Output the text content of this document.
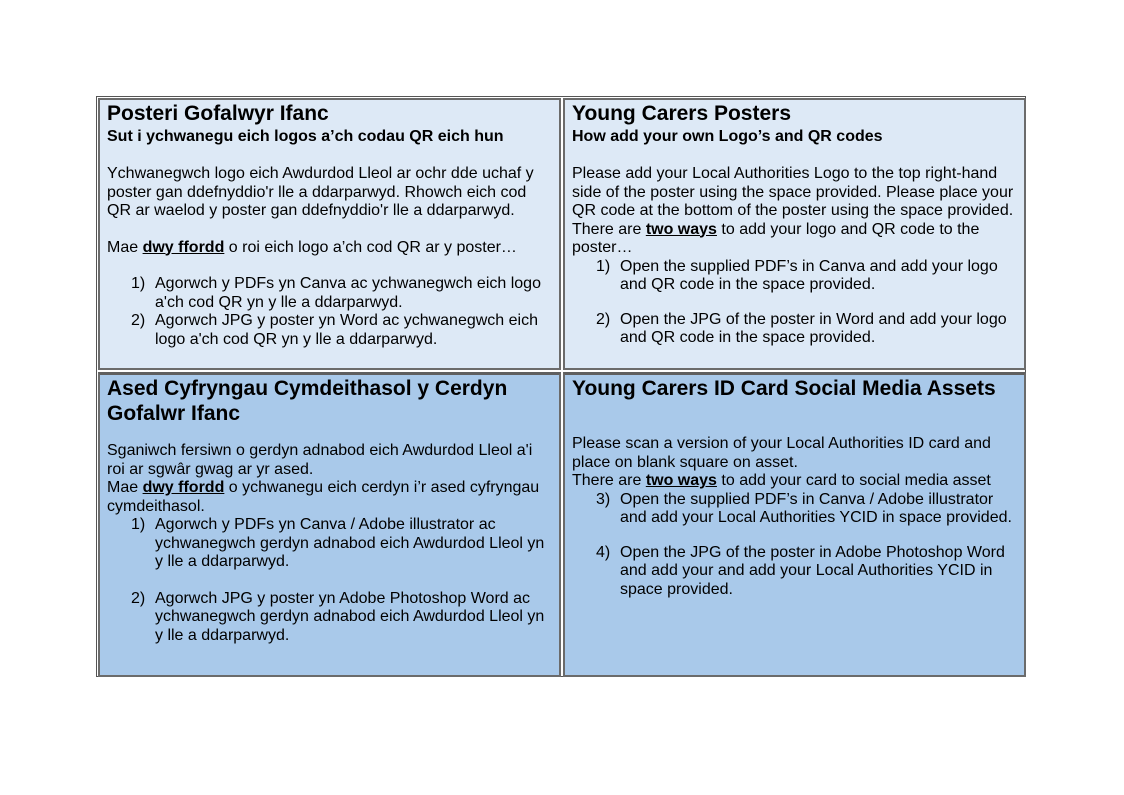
Posteri Gofalwyr Ifanc
Sut i ychwanegu eich logos a’ch codau QR eich hun

Ychwanegwch logo eich Awdurdod Lleol ar ochr dde uchaf y poster gan ddefnyddio'r lle a ddarparwyd. Rhowch eich cod QR ar waelod y poster gan ddefnyddio'r lle a ddarparwyd.

Mae dwy ffordd o roi eich logo a’ch cod QR ar y poster…

1) Agorwch y PDFs yn Canva ac ychwanegwch eich logo a'ch cod QR yn y lle a ddarparwyd.
2) Agorwch JPG y poster yn Word ac ychwanegwch eich logo a'ch cod QR yn y lle a ddarparwyd.
Young Carers Posters
How add your own Logo’s and QR codes

Please add your Local Authorities Logo to the top right-hand side of the poster using the space provided. Please place your QR code at the bottom of the poster using the space provided.

There are two ways to add your logo and QR code to the poster…

1) Open the supplied PDF’s in Canva and add your logo and QR code in the space provided.
2) Open the JPG of the poster in Word and add your logo and QR code in the space provided.
Ased Cyfryngau Cymdeithasol y Cerdyn Gofalwr Ifanc

Sganiwch fersiwn o gerdyn adnabod eich Awdurdod Lleol a'i roi ar sgwâr gwag ar yr ased.

Mae dwy ffordd o ychwanegu eich cerdyn i’r ased cyfryngau cymdeithasol.

1) Agorwch y PDFs yn Canva / Adobe illustrator ac ychwanegwch gerdyn adnabod eich Awdurdod Lleol yn y lle a ddarparwyd.
2) Agorwch JPG y poster yn Adobe Photoshop Word ac ychwanegwch gerdyn adnabod eich Awdurdod Lleol yn y lle a ddarparwyd.
Young Carers ID Card Social Media Assets

Please scan a version of your Local Authorities ID card and place on blank square on asset.

There are two ways to add your card to social media asset

3) Open the supplied PDF’s in Canva / Adobe illustrator and add your Local Authorities YCID in space provided.
4) Open the JPG of the poster in Adobe Photoshop Word and add your and add your Local Authorities YCID in space provided.
